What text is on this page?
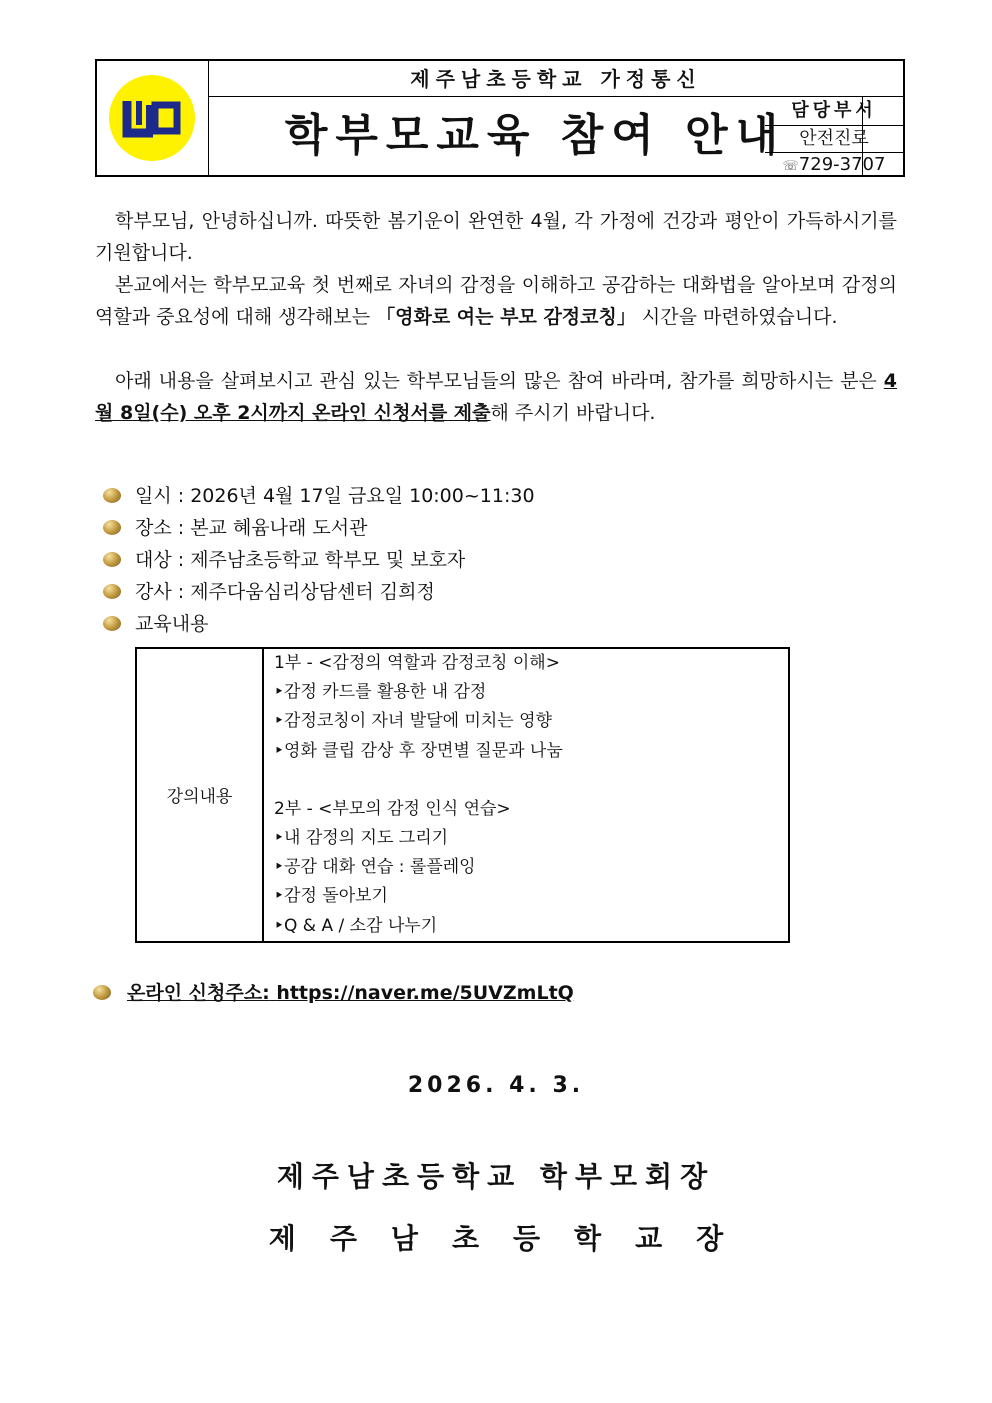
제주남초등학교 가정통신
학부모교육 참여 안내 담당부서
안전진로
☏729-3707
학부모님, 안녕하십니까. 따뜻한 봄기운이 완연한 4월, 각 가정에 건강과 평안이 가득하시기를 기원합니다.
본교에서는 학부모교육 첫 번째로 자녀의 감정을 이해하고 공감하는 대화법을 알아보며 감정의 역할과 중요성에 대해 생각해보는 「영화로 여는 부모 감정코칭」 시간을 마련하였습니다.
아래 내용을 살펴보시고 관심 있는 학부모님들의 많은 참여 바라며, 참가를 희망하시는 분은 4월 8일(수) 오후 2시까지 온라인 신청서를 제출해 주시기 바랍니다.
일시 : 2026년 4월 17일 금요일 10:00~11:30
장소 : 본교 혜윰나래 도서관
대상 : 제주남초등학교 학부모 및 보호자
강사 : 제주다움심리상담센터 김희정
교육내용
강의내용	
1부 - <감정의 역할과 감정코칭 이해>
‣감정 카드를 활용한 내 감정
‣감정코칭이 자녀 발달에 미치는 영향
‣영화 클립 감상 후 장면별 질문과 나눔
2부 - <부모의 감정 인식 연습>
‣내 감정의 지도 그리기
‣공감 대화 연습 : 롤플레잉
‣감정 돌아보기
‣Q & A / 소감 나누기
온라인 신청주소: https://naver.me/5UVZmLtQ
2026. 4. 3.
제주남초등학교 학부모회장
제주남초등학교장
